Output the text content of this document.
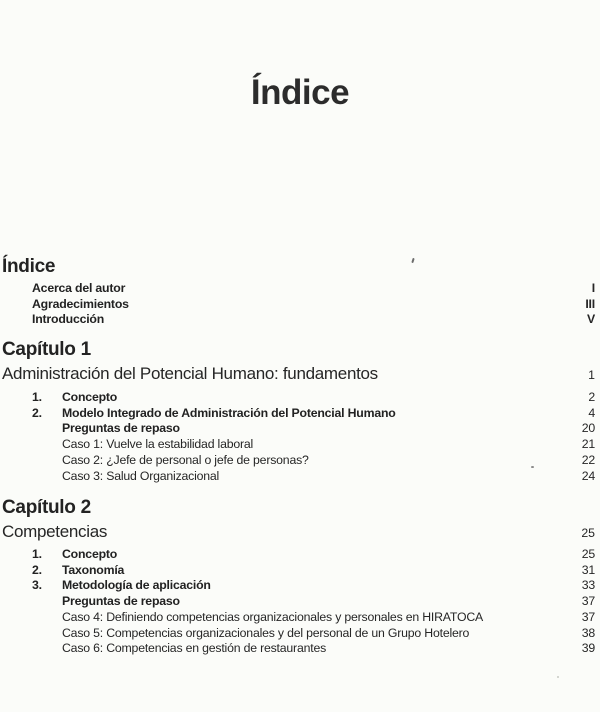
Índice
Índice
Acerca del autor	I
Agradecimientos	III
Introducción	V
Capítulo 1
Administración del Potencial Humano: fundamentos	1
1.	Concepto	2
2.	Modelo Integrado de Administración del Potencial Humano	4
Preguntas de repaso	20
Caso 1: Vuelve la estabilidad laboral	21
Caso 2: ¿Jefe de personal o jefe de personas?	22
Caso 3: Salud Organizacional	24
Capítulo 2
Competencias	25
1.	Concepto	25
2.	Taxonomía	31
3.	Metodología de aplicación	33
Preguntas de repaso	37
Caso 4: Definiendo competencias organizacionales y personales en HIRATOCA	37
Caso 5: Competencias organizacionales y del personal de un Grupo Hotelero	38
Caso 6: Competencias en gestión de restaurantes	39
